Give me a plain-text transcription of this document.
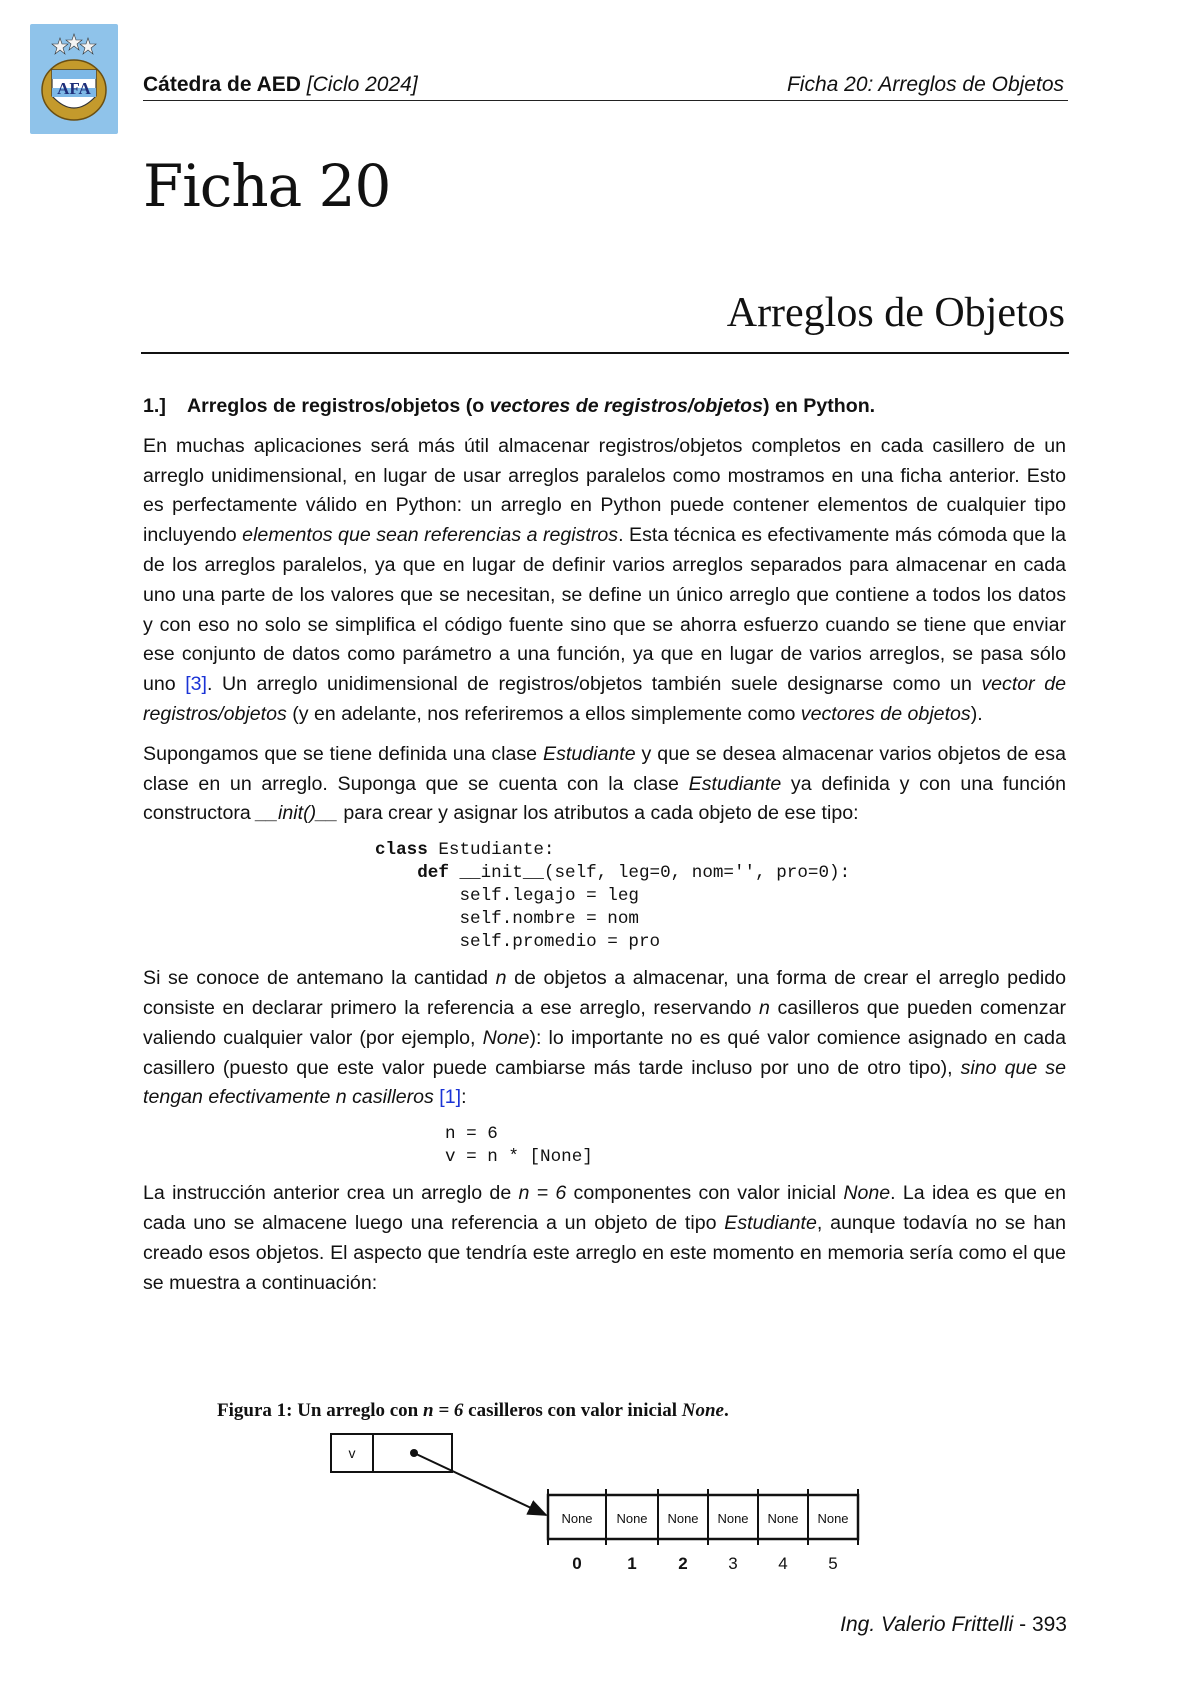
AFA Cátedra de AED [Ciclo 2024]	Ficha 20: Arreglos de Objetos
Ficha 20
Arreglos de Objetos
1.] Arreglos de registros/objetos (o vectores de registros/objetos) en Python.

En muchas aplicaciones será más útil almacenar registros/objetos completos en cada casillero de un arreglo unidimensional, en lugar de usar arreglos paralelos como mostramos en una ficha anterior. Esto es perfectamente válido en Python: un arreglo en Python puede contener elementos de cualquier tipo incluyendo elementos que sean referencias a registros. Esta técnica es efectivamente más cómoda que la de los arreglos paralelos, ya que en lugar de definir varios arreglos separados para almacenar en cada uno una parte de los valores que se necesitan, se define un único arreglo que contiene a todos los datos y con eso no solo se simplifica el código fuente sino que se ahorra esfuerzo cuando se tiene que enviar ese conjunto de datos como parámetro a una función, ya que en lugar de varios arreglos, se pasa sólo uno [3]. Un arreglo unidimensional de registros/objetos también suele designarse como un vector de registros/objetos (y en adelante, nos referiremos a ellos simplemente como vectores de objetos).

Supongamos que se tiene definida una clase Estudiante y que se desea almacenar varios objetos de esa clase en un arreglo. Suponga que se cuenta con la clase Estudiante ya definida y con una función constructora __init()__ para crear y asignar los atributos a cada objeto de ese tipo:

class Estudiante:
def __init__(self, leg=0, nom='', pro=0):
self.legajo = leg
self.nombre = nom
self.promedio = pro

Si se conoce de antemano la cantidad n de objetos a almacenar, una forma de crear el arreglo pedido consiste en declarar primero la referencia a ese arreglo, reservando n casilleros que pueden comenzar valiendo cualquier valor (por ejemplo, None): lo importante no es qué valor comience asignado en cada casillero (puesto que este valor puede cambiarse más tarde incluso por uno de otro tipo), sino que se tengan efectivamente n casilleros [1]:

n = 6
v = n * [None]

La instrucción anterior crea un arreglo de n = 6 componentes con valor inicial None. La idea es que en cada uno se almacene luego una referencia a un objeto de tipo Estudiante, aunque todavía no se han creado esos objetos. El aspecto que tendría este arreglo en este momento en memoria sería como el que se muestra a continuación:

Figura 1: Un arreglo con n = 6 casilleros con valor inicial None.
v
None None None None None None
0	1 2 3 4 5
Ing. Valerio Frittelli - 393
